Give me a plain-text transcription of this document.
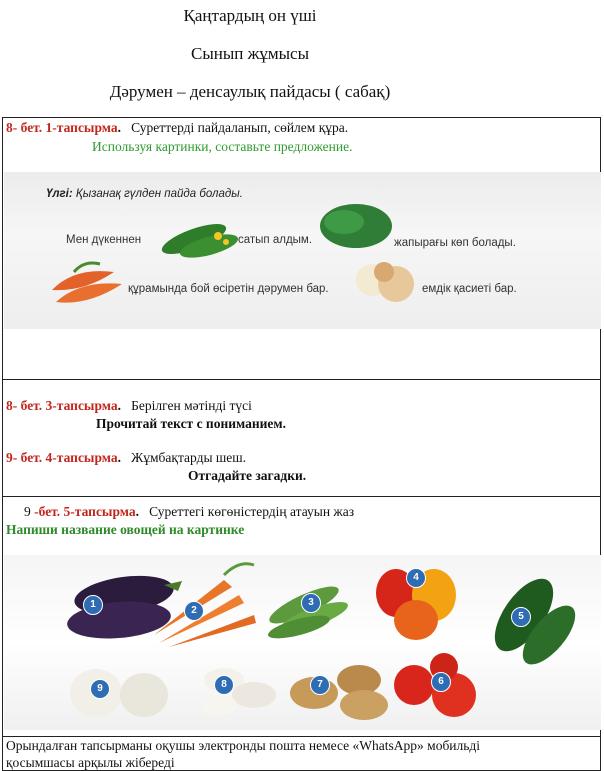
Қаңтардың он үші
Сынып жұмысы
Дәрумен – денсаулық пайдасы ( сабақ)
8- бет. 1-тапсырма. Суреттерді пайдаланып, сөйлем құра.
Используя картинки, составьте предложение.
Үлгі: Қызанақ гүлден пайда болады.
Мен дүкеннен	сатып алдым.	жапырағы көп болады.
құрамында бой өсіретін дәрумен бар.	емдік қасиеті бар.
8- бет. 3-тапсырма. Берілген мәтінді түсі
Прочитай текст с пониманием.
9- бет. 4-тапсырма. Жұмбақтарды шеш.
Отгадайте загадки.
9 -бет. 5-тапсырма. Суреттегі көгөністердің атауын жаз
Напиши название овощей на картинке
1
2
3
4
5
6
7
8
9
Орындалған тапсырманы оқушы электронды пошта немесе «WhatsApp» мобильді
қосымшасы арқылы жібереді
